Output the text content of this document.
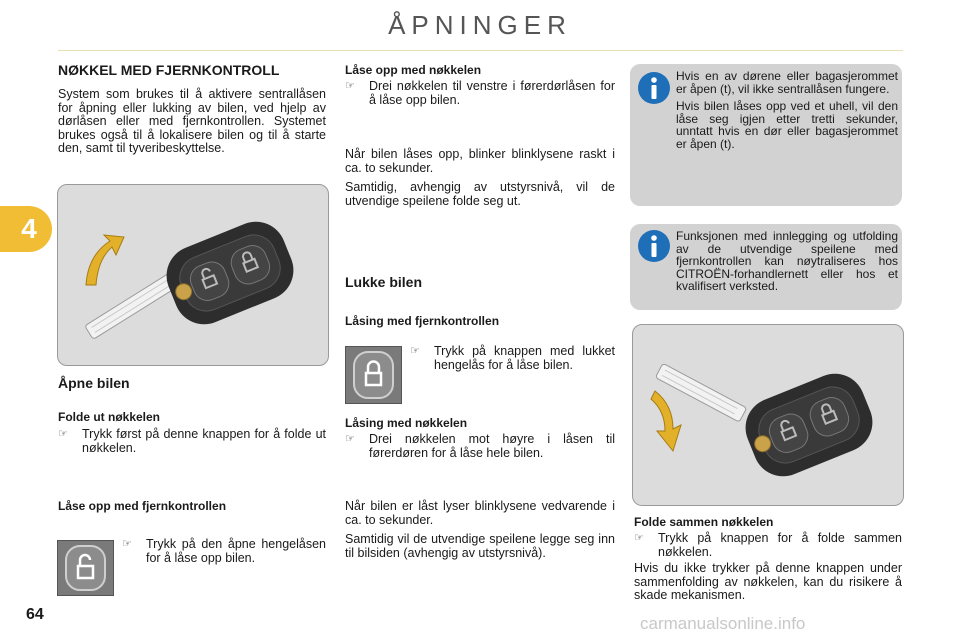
ÅPNINGER
4
NØKKEL MED FJERNKONTROLL

System som brukes til å aktivere sentrallåsen for åpning eller lukking av bilen, ved hjelp av dørlåsen eller med fjernkontrollen. Systemet brukes også til å lokalisere bilen og til å starte den, samt til tyveribeskyttelse.

Åpne bilen
Folde ut nøkkelen
☞	Trykk først på denne knappen for å folde ut nøkkelen.
Låse opp med fjernkontrollen
☞	Trykk på den åpne hengelåsen for å låse opp bilen.
Låse opp med nøkkelen
☞	Drei nøkkelen til venstre i førerdørlåsen for å låse opp bilen.

Når bilen låses opp, blinker blinklysene raskt i ca. to sekunder.

Samtidig, avhengig av utstyrsnivå, vil de utvendige speilene folde seg ut.

Lukke bilen
Låsing med fjernkontrollen
☞	Trykk på knappen med lukket hengelås for å låse bilen.
Låsing med nøkkelen
☞	Drei nøkkelen mot høyre i låsen til førerdøren for å låse hele bilen.

Når bilen er låst lyser blinklysene vedvarende i ca. to sekunder.

Samtidig vil de utvendige speilene legge seg inn til bilsiden (avhengig av utstyrsnivå).

Hvis en av dørene eller bagasjerommet er åpen (t), vil ikke sentrallåsen fungere.

Hvis bilen låses opp ved et uhell, vil den låse seg igjen etter tretti sekunder, unntatt hvis en dør eller bagasjerommet er åpen (t).

Funksjonen med innlegging og utfolding av de utvendige speilene med fjernkontrollen kan nøytraliseres hos CITROËN-forhandlernett eller hos et kvalifisert verksted.

Folde sammen nøkkelen
☞	Trykk på knappen for å folde sammen nøkkelen.

Hvis du ikke trykker på denne knappen under sammenfolding av nøkkelen, kan du risikere å skade mekanismen.

64	carmanualsonline.info
